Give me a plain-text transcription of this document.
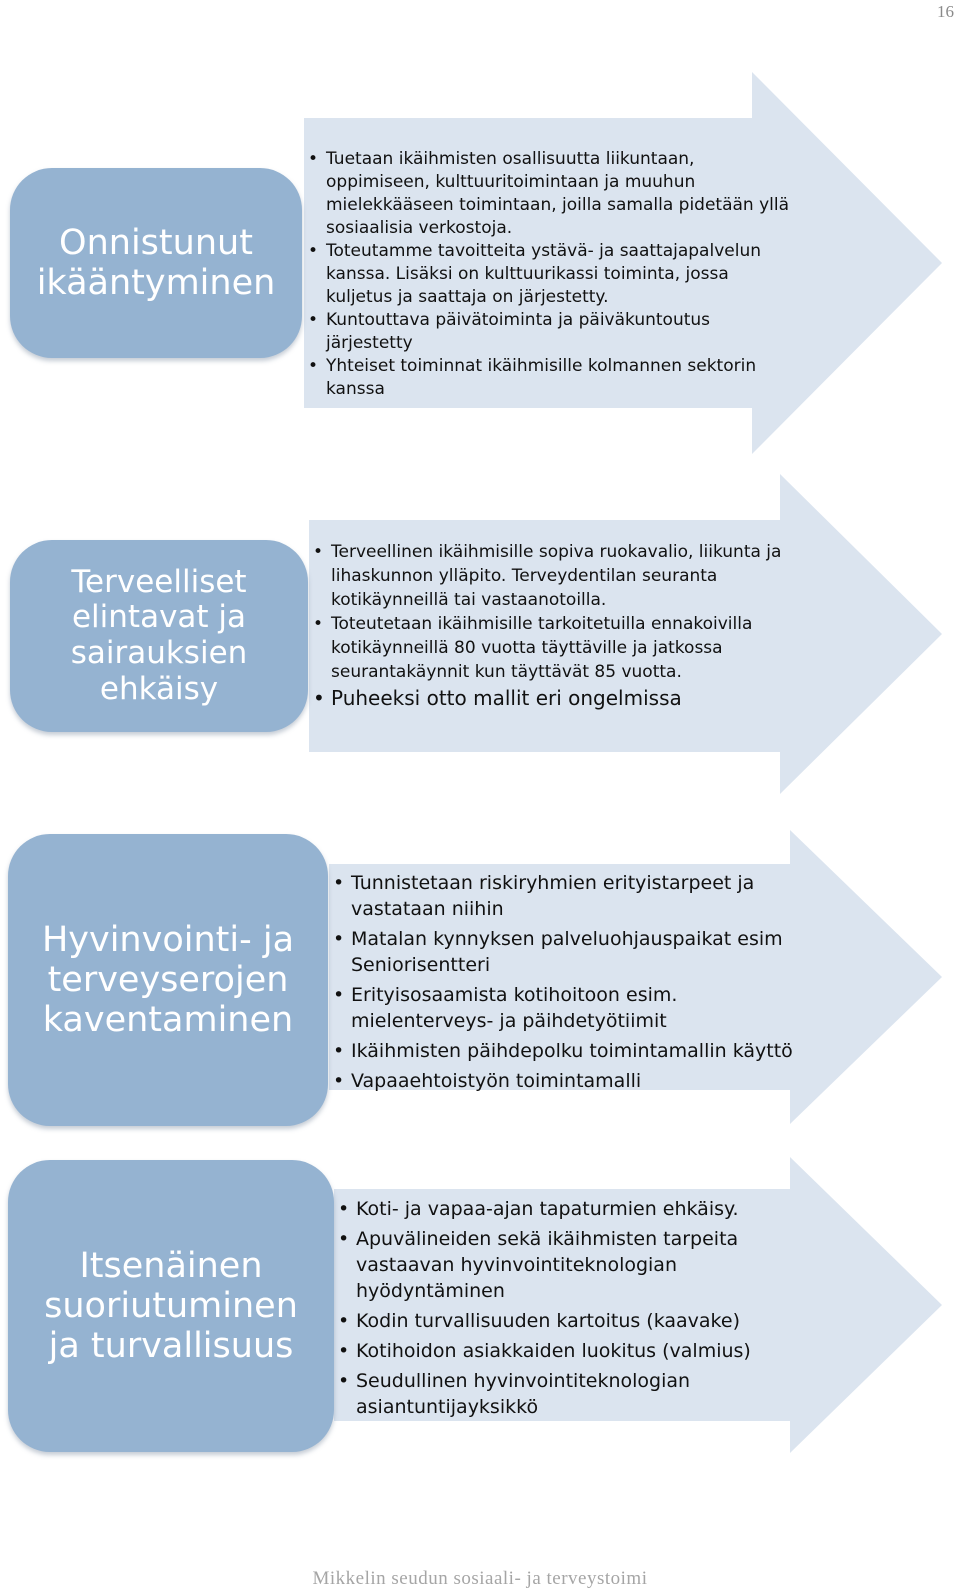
16
Onnistunut
ikääntyminen
• Tuetaan ikäihmisten osallisuutta liikuntaan, oppimiseen, kulttuuritoimintaan ja muuhun mielekkääseen toimintaan, joilla samalla pidetään yllä sosiaalisia verkostoja.
• Toteutamme tavoitteita ystävä- ja saattajapalvelun kanssa. Lisäksi on kulttuurikassi toiminta, jossa kuljetus ja saattaja on järjestetty.
• Kuntouttava päivätoiminta ja päiväkuntoutus järjestetty
• Yhteiset toiminnat ikäihmisille kolmannen sektorin kanssa
Terveelliset
elintavat ja
sairauksien
ehkäisy
• Terveellinen ikäihmisille sopiva ruokavalio, liikunta ja lihaskunnon ylläpito. Terveydentilan seuranta kotikäynneillä tai vastaanotoilla.
• Toteutetaan ikäihmisille tarkoitetuilla ennakoivilla kotikäynneillä 80 vuotta täyttäville ja jatkossa seurantakäynnit kun täyttävät 85 vuotta.
• Puheeksi otto mallit eri ongelmissa
Hyvinvointi- ja
terveyserojen
kaventaminen
• Tunnistetaan riskiryhmien erityistarpeet ja vastataan niihin
• Matalan kynnyksen palveluohjauspaikat esim Seniorisentteri
• Erityisosaamista kotihoitoon esim. mielenterveys- ja päihdetyötiimit
• Ikäihmisten päihdepolku toimintamallin käyttö
• Vapaaehtoistyön toimintamalli
Itsenäinen
suoriutuminen
ja turvallisuus
• Koti- ja vapaa-ajan tapaturmien ehkäisy.
• Apuvälineiden sekä ikäihmisten tarpeita vastaavan hyvinvointiteknologian hyödyntäminen
• Kodin turvallisuuden kartoitus (kaavake)
• Kotihoidon asiakkaiden luokitus (valmius)
• Seudullinen hyvinvointiteknologian asiantuntijayksikkö
Mikkelin seudun sosiaali- ja terveystoimi
